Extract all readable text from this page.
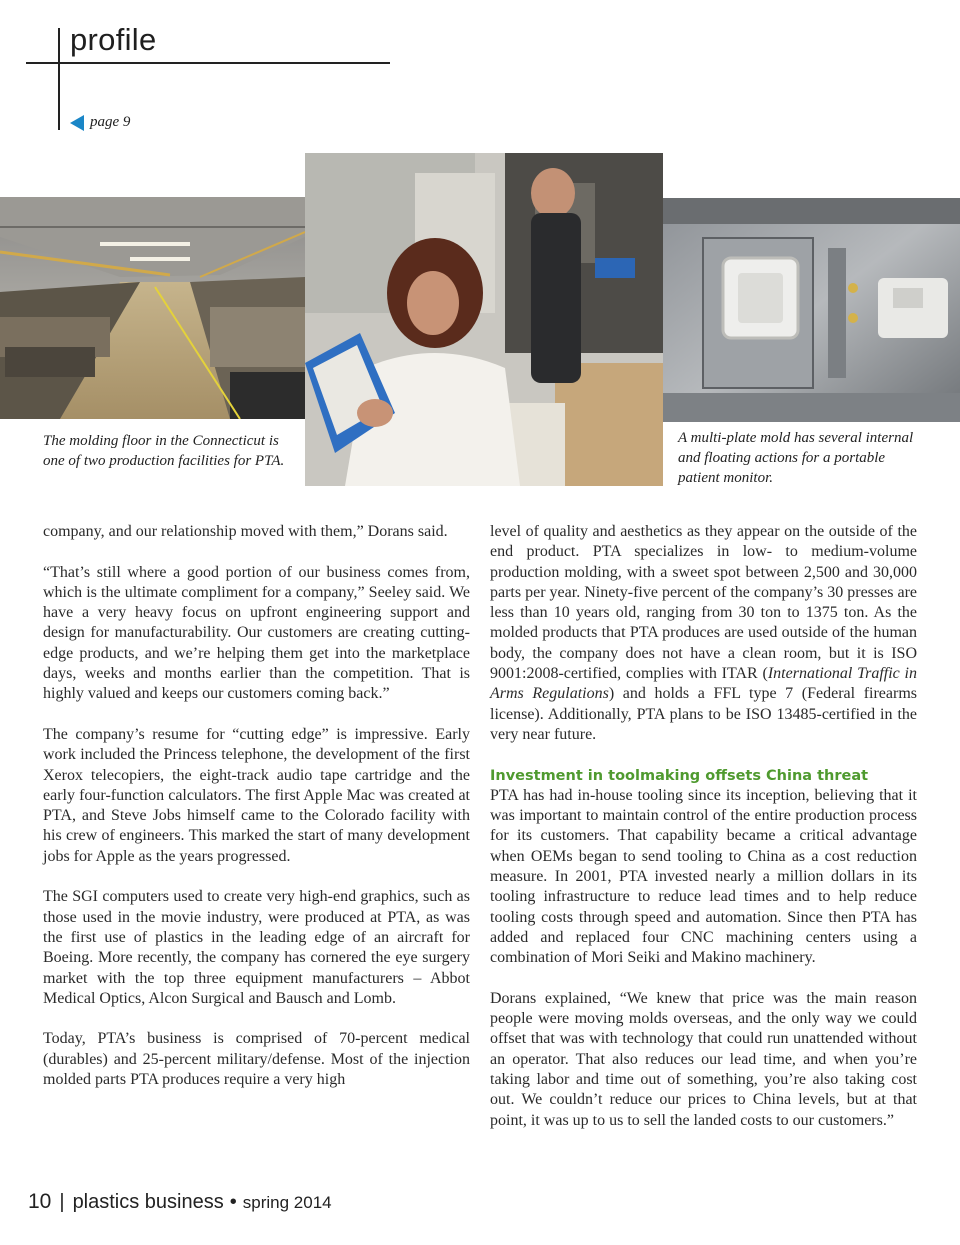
profile
page 9

The molding floor in the Connecticut is one of two production facilities for PTA.

A multi-plate mold has several internal and floating actions for a portable patient monitor.

company, and our relationship moved with them,” Dorans said.

“That’s still where a good portion of our business comes from, which is the ultimate compliment for a company,” Seeley said. We have a very heavy focus on upfront engineering support and design for manufacturability. Our customers are creating cutting-edge products, and we’re helping them get into the marketplace days, weeks and months earlier than the competition. That is highly valued and keeps our customers coming back.”

The company’s resume for “cutting edge” is impressive. Early work included the Princess telephone, the development of the first Xerox telecopiers, the eight-track audio tape cartridge and the early four-function calculators. The first Apple Mac was created at PTA, and Steve Jobs himself came to the Colorado facility with his crew of engineers. This marked the start of many development jobs for Apple as the years progressed.

The SGI computers used to create very high-end graphics, such as those used in the movie industry, were produced at PTA, as was the first use of plastics in the leading edge of an aircraft for Boeing. More recently, the company has cornered the eye surgery market with the top three equipment manufacturers – Abbot Medical Optics, Alcon Surgical and Bausch and Lomb.

Today, PTA’s business is comprised of 70-percent medical (durables) and 25-percent military/defense. Most of the injection molded parts PTA produces require a very high

level of quality and aesthetics as they appear on the outside of the end product. PTA specializes in low- to medium-volume production molding, with a sweet spot between 2,500 and 30,000 parts per year. Ninety-five percent of the company’s 30 presses are less than 10 years old, ranging from 30 ton to 1375 ton. As the molded products that PTA produces are used outside of the human body, the company does not have a clean room, but it is ISO 9001:2008-certified, complies with ITAR (International Traffic in Arms Regulations) and holds a FFL type 7 (Federal firearms license). Additionally, PTA plans to be ISO 13485-certified in the very near future.

Investment in toolmaking offsets China threat

PTA has had in-house tooling since its inception, believing that it was important to maintain control of the entire production process for its customers. That capability became a critical advantage when OEMs began to send tooling to China as a cost reduction measure. In 2001, PTA invested nearly a million dollars in its tooling infrastructure to reduce lead times and to help reduce tooling costs through speed and automation. Since then PTA has added and replaced four CNC machining centers using a combination of Mori Seiki and Makino machinery.

Dorans explained, “We knew that price was the main reason people were moving molds overseas, and the only way we could offset that was with technology that could run unattended without an operator. That also reduces our lead time, and when you’re taking labor and time out of something, you’re also taking cost out. We couldn’t reduce our prices to China levels, but at that point, it was up to us to sell the landed costs to our customers.”

10 | plastics business • spring 2014
